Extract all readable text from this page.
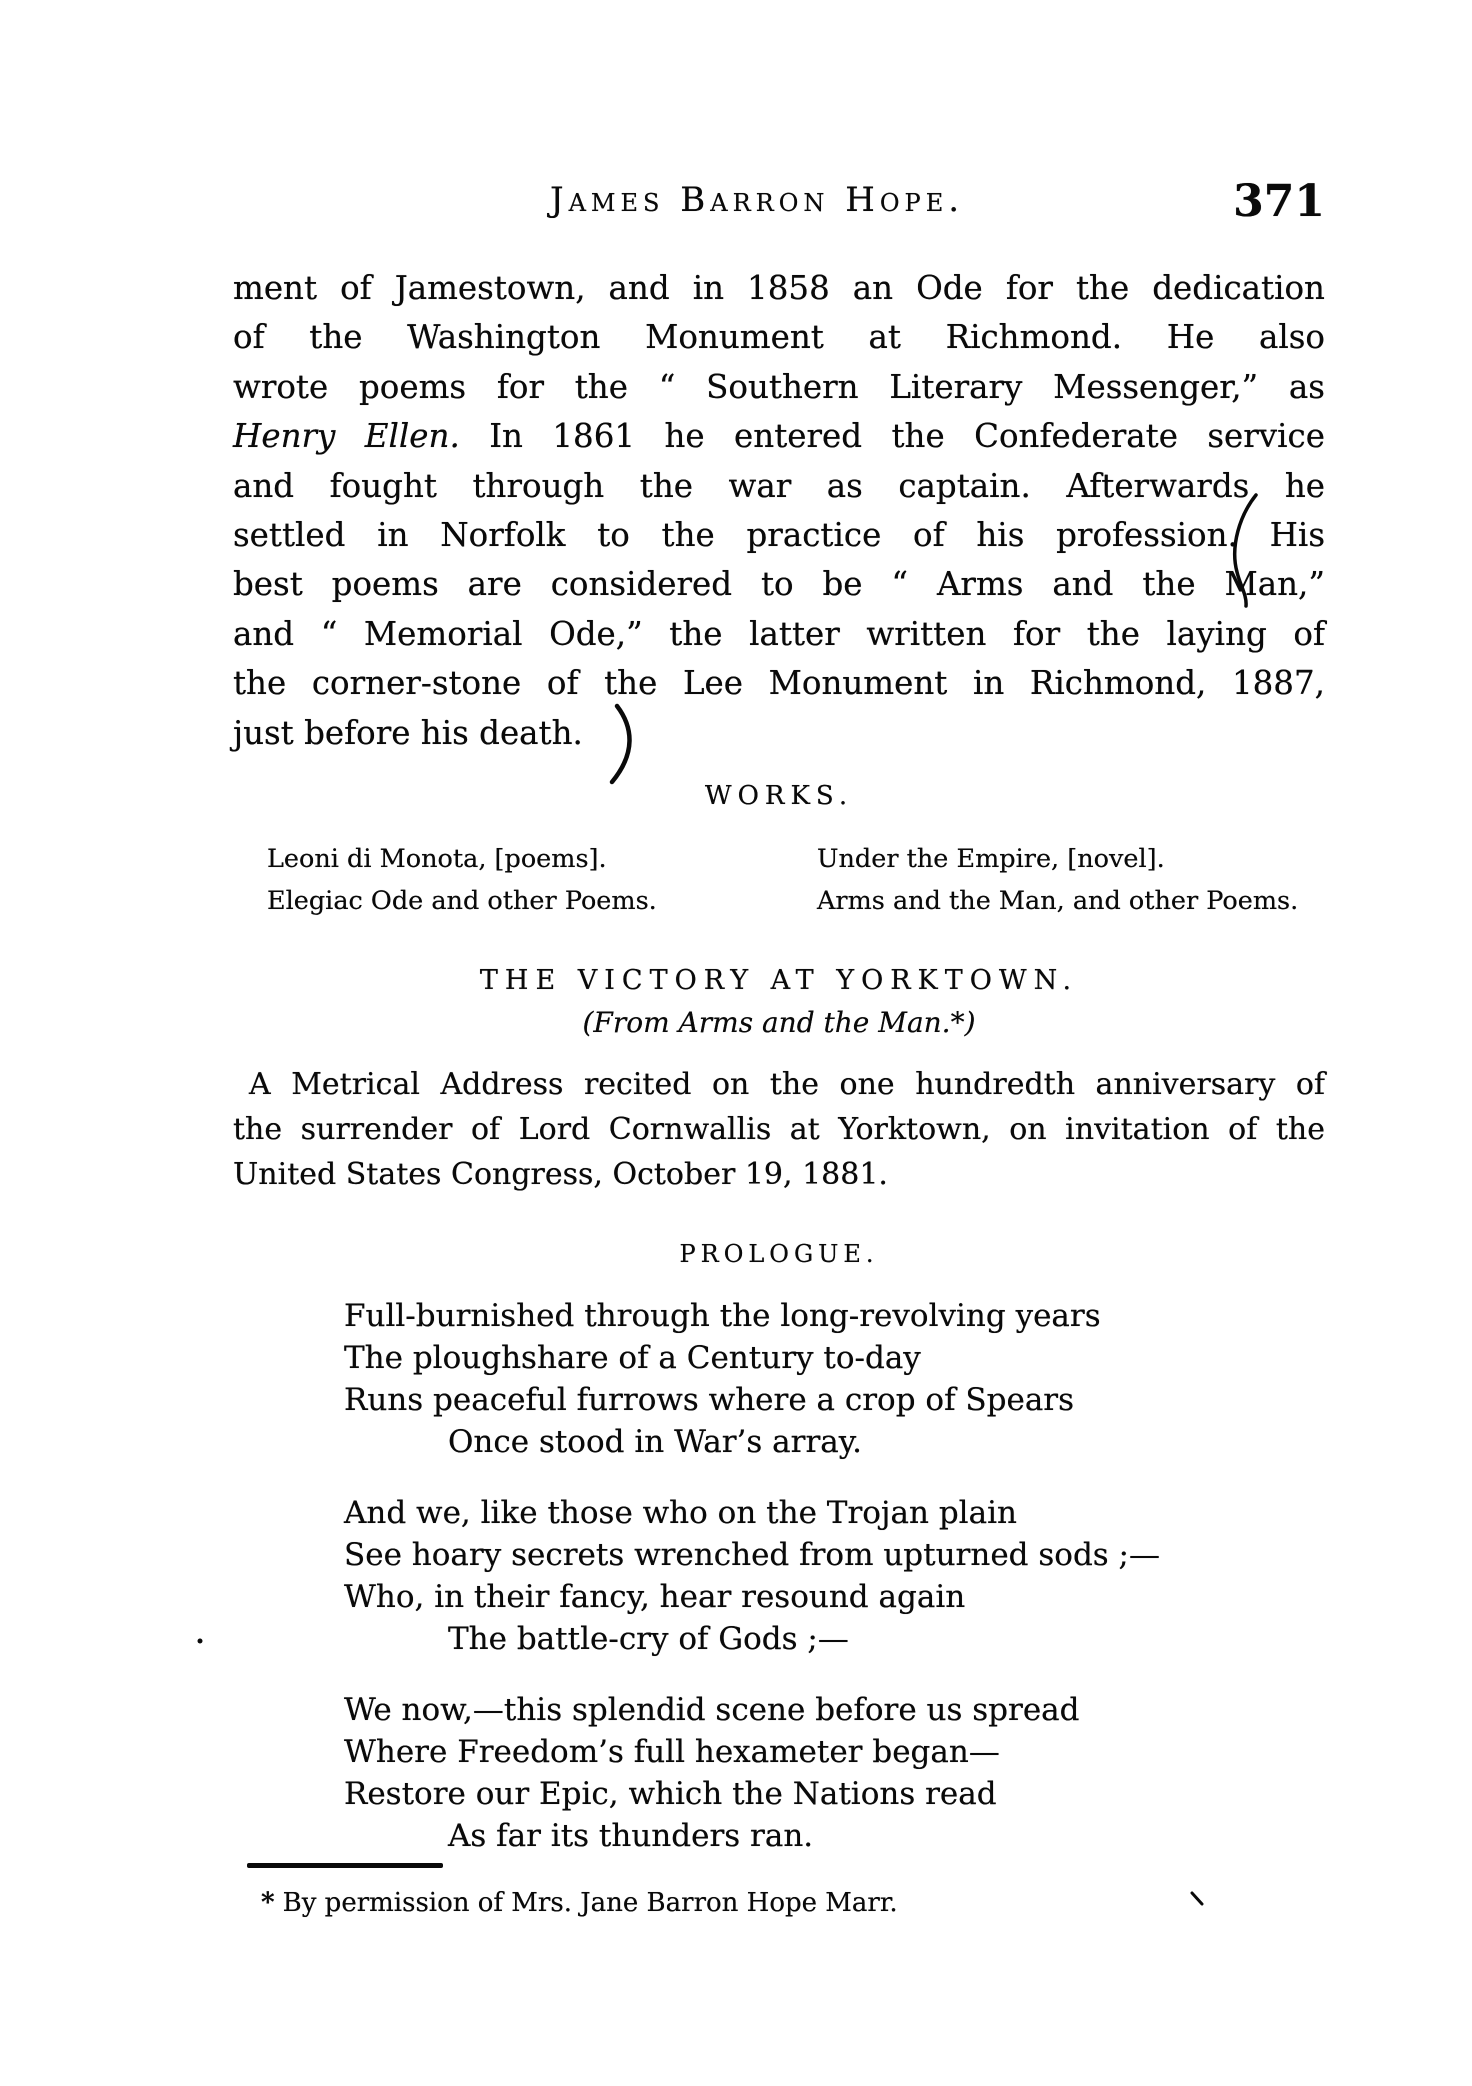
James Barron Hope.	371
ment of Jamestown, and in 1858 an Ode for the dedication
of the Washington Monument at Richmond. He also
wrote poems for the “ Southern Literary Messenger,” as
Henry Ellen. In 1861 he entered the Confederate service
and fought through the war as captain. Afterwards he
settled in Norfolk to the practice of his profession. His
best poems are considered to be “ Arms and the Man,”
and “ Memorial Ode,” the latter written for the laying of
the corner-stone of the Lee Monument in Richmond, 1887,
just before his death.
WORKS.
Leoni di Monota, [poems].
Elegiac Ode and other Poems.
Under the Empire, [novel].
Arms and the Man, and other Poems.
THE VICTORY AT YORKTOWN.
(From Arms and the Man.*)
A Metrical Address recited on the one hundredth anniversary of
the surrender of Lord Cornwallis at Yorktown, on invitation of the
United States Congress, October 19, 1881.
PROLOGUE.
Full-burnished through the long-revolving years
The ploughshare of a Century to-day
Runs peaceful furrows where a crop of Spears
Once stood in War’s array.
And we, like those who on the Trojan plain
See hoary secrets wrenched from upturned sods ;—
Who, in their fancy, hear resound again
The battle-cry of Gods ;—
We now,—this splendid scene before us spread
Where Freedom’s full hexameter began—
Restore our Epic, which the Nations read
As far its thunders ran.
* By permission of Mrs. Jane Barron Hope Marr.
